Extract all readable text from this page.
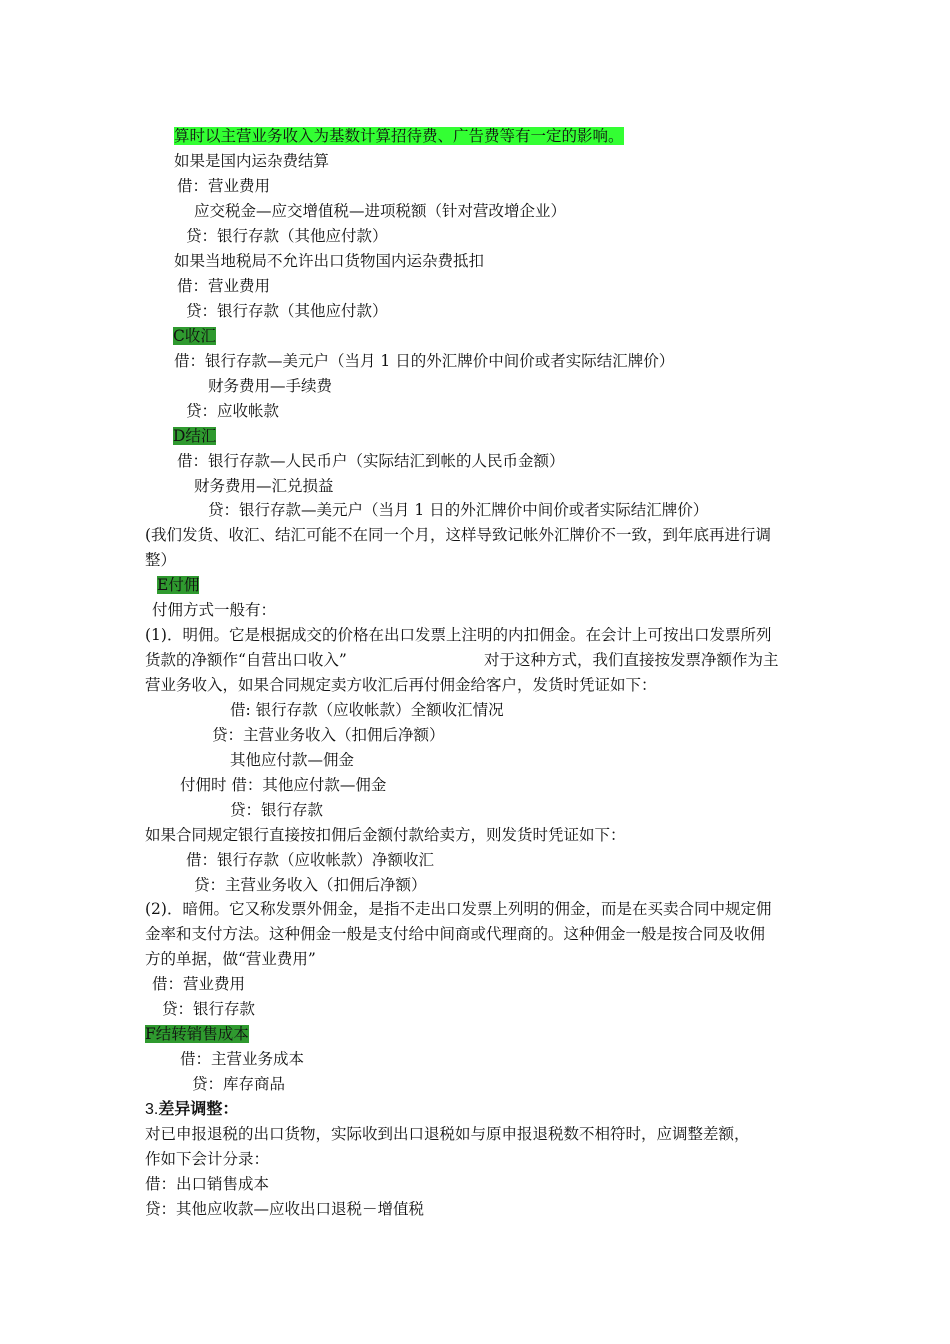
算时以主营业务收入为基数计算招待费、广告费等有一定的影响。
如果是国内运杂费结算
借：营业费用
应交税金—应交增值税—进项税额（针对营改增企业）
贷：银行存款（其他应付款）
如果当地税局不允许出口货物国内运杂费抵扣
借：营业费用
贷：银行存款（其他应付款）
C收汇
借：银行存款—美元户（当月 1 日的外汇牌价中间价或者实际结汇牌价）
财务费用—手续费
贷：应收帐款
D结汇
借：银行存款—人民币户（实际结汇到帐的人民币金额）
财务费用—汇兑损益
贷：银行存款—美元户（当月 1 日的外汇牌价中间价或者实际结汇牌价）
(我们发货、收汇、结汇可能不在同一个月，这样导致记帐外汇牌价不一致，到年底再进行调
整）
E付佣
付佣方式一般有：
(1)．明佣。它是根据成交的价格在出口发票上注明的内扣佣金。在会计上可按出口发票所列
货款的净额作“自营出口收入”	对于这种方式，我们直接按发票净额作为主
营业务收入，如果合同规定卖方收汇后再付佣金给客户，发货时凭证如下：
借: 银行存款（应收帐款）全额收汇情况
贷：主营业务收入（扣佣后净额）
其他应付款—佣金
付佣时 借：其他应付款—佣金
贷：银行存款
如果合同规定银行直接按扣佣后金额付款给卖方，则发货时凭证如下：
借：银行存款（应收帐款）净额收汇
贷：主营业务收入（扣佣后净额）
(2)．暗佣。它又称发票外佣金，是指不走出口发票上列明的佣金，而是在买卖合同中规定佣
金率和支付方法。这种佣金一般是支付给中间商或代理商的。这种佣金一般是按合同及收佣
方的单据，做“营业费用”
借：营业费用
贷：银行存款
F结转销售成本
借：主营业务成本
贷：库存商品
3.差异调整：
对已申报退税的出口货物，实际收到出口退税如与原申报退税数不相符时，应调整差额，
作如下会计分录：
借：出口销售成本
贷：其他应收款—应收出口退税－增值税
